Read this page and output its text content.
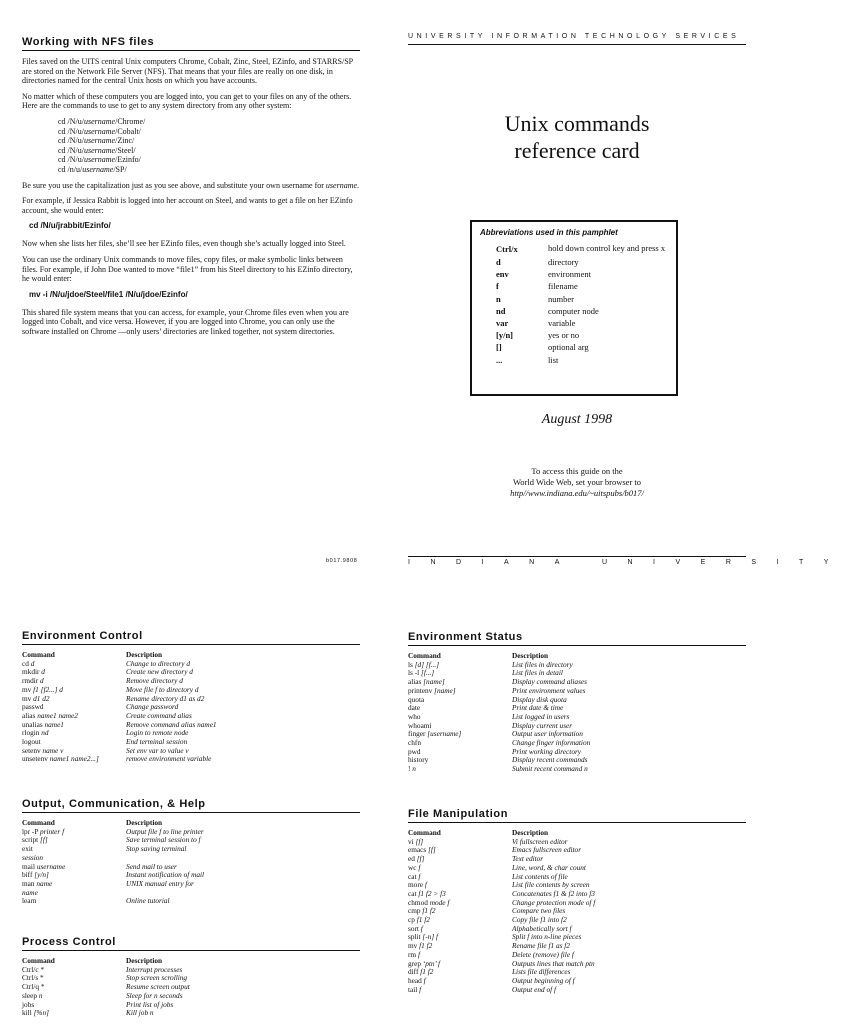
Working with NFS files

Files saved on the UITS central Unix computers Chrome, Cobalt, Zinc, Steel, EZinfo, and STARRS/SP are stored on the Network File Server (NFS). That means that your files are really on one disk, in directories named for the central Unix hosts on which you have accounts.

No matter which of these computers you are logged into, you can get to your files on any of the others. Here are the commands to use to get to any system directory from any other system:

cd /N/u/username/Chrome/
cd /N/u/username/Cobalt/
cd /N/u/username/Zinc/
cd /N/u/username/Steel/
cd /N/u/username/Ezinfo/
cd /n/u/username/SP/

Be sure you use the capitalization just as you see above, and substitute your own username for username.

For example, if Jessica Rabbit is logged into her account on Steel, and wants to get a file on her EZinfo account, she would enter:

cd /N/u/jrabbit/Ezinfo/

Now when she lists her files, she’ll see her EZinfo files, even though she’s actually logged into Steel.

You can use the ordinary Unix commands to move files, copy files, or make symbolic links between files. For example, if John Doe wanted to move “file1” from his Steel directory to his EZinfo directory, he would enter:

mv -i /N/u/jdoe/Steel/file1 /N/u/jdoe/Ezinfo/

This shared file system means that you can access, for example, your Chrome files even when you are logged into Cobalt, and vice versa. However, if you are logged into Chrome, you can only use the software installed on Chrome —only users’ directories are linked together, not system directories.

b017.9808
UNIVERSITY INFORMATION TECHNOLOGY SERVICES
Unix commands
reference card
Abbreviations used in this pamphlet
Ctrl/x	hold down control key and press x
d	directory
env	environment
f	filename
n	number
nd	computer node
var	variable
[y/n]	yes or no
[]	optional arg
...	list
August 1998
To access this guide on the
World Wide Web, set your browser to
http//www.indiana.edu/~uitspubs/b017/
INDIANA UNIVERSITY
Environment Control
Command	Description
cd d	Change to directory d
mkdir d	Create new directory d
rmdir d	Remove directory d
mv f1 [f2...] d	Move file f to directory d
mv d1 d2	Rename directory d1 as d2
passwd	Change password
alias name1 name2	Create command alias
unalias name1	Remove command alias name1
rlogin nd	Login to remote node
logout	End terminal session
setenv name v	Set env var to value v
unsetenv name1 name2...]	remove environment variable
Output, Communication, & Help
Command	Description
lpr -P printer f	Output file f to line printer
script [f]	Save terminal session to f
exit	Stop saving terminal
session	
mail username	Send mail to user
biff [y/n]	Instant notification of mail
man name	UNIX manual entry for
name	
learn	Online tutorial
Process Control
Command	Description
Ctrl/c *	Interrupt processes
Ctrl/s *	Stop screen scrolling
Ctrl/q *	Resume screen output
sleep n	Sleep for n seconds
jobs	Print list of jobs
kill [%n]	Kill job n
Environment Status
Command	Description
ls [d] [f...]	List files in directory
ls -l [f...]	List files in detail
alias [name]	Display command aliases
printenv [name]	Print environment values
quota	Display disk quota
date	Print date & time
who	List logged in users
whoami	Display current user
finger [username]	Output user information
chfn	Change finger information
pwd	Print working directory
history	Display recent commands
! n	Submit recent command n
File Manipulation
Command	Description
vi [f]	Vi fullscreen editor
emacs [f]	Emacs fullscreen editor
ed [f]	Text editor
wc f	Line, word, & char count
cat f	List contents of file
more f	List file contents by screen
cat f1 f2 > f3	Concatenates f1 & f2 into f3
chmod mode f	Change protection mode of f
cmp f1 f2	Compare two files
cp f1 f2	Copy file f1 into f2
sort f	Alphabetically sort f
split [-n] f	Split f into n-line pieces
mv f1 f2	Rename file f1 as f2
rm f	Delete (remove) file f
grep ‘ptn’ f	Outputs lines that match ptn
diff f1 f2	Lists file differences
head f	Output beginning of f
tail f	Output end of f
